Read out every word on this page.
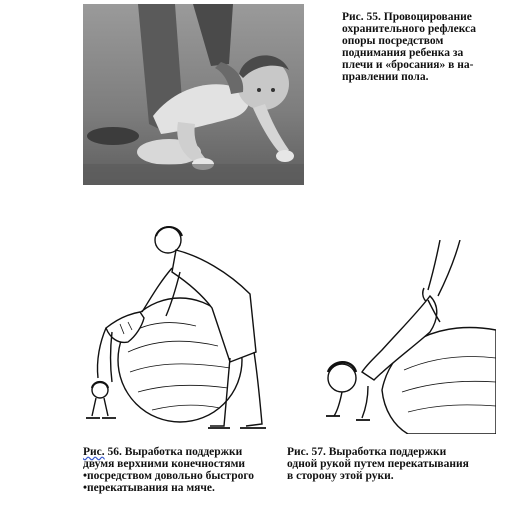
Рис. 55. Провоцирование
охранительного рефлекса
опоры посредством
поднимания ребенка за
плечи и «бросания» в на-
правлении пола.
Рис. 56. Выработка поддержки
двумя верхними конечностями
•посредством довольно быстрого
•перекатывания на мяче.
Рис. 57. Выработка поддержки
одной рукой путем перекатывания
в сторону этой руки.
